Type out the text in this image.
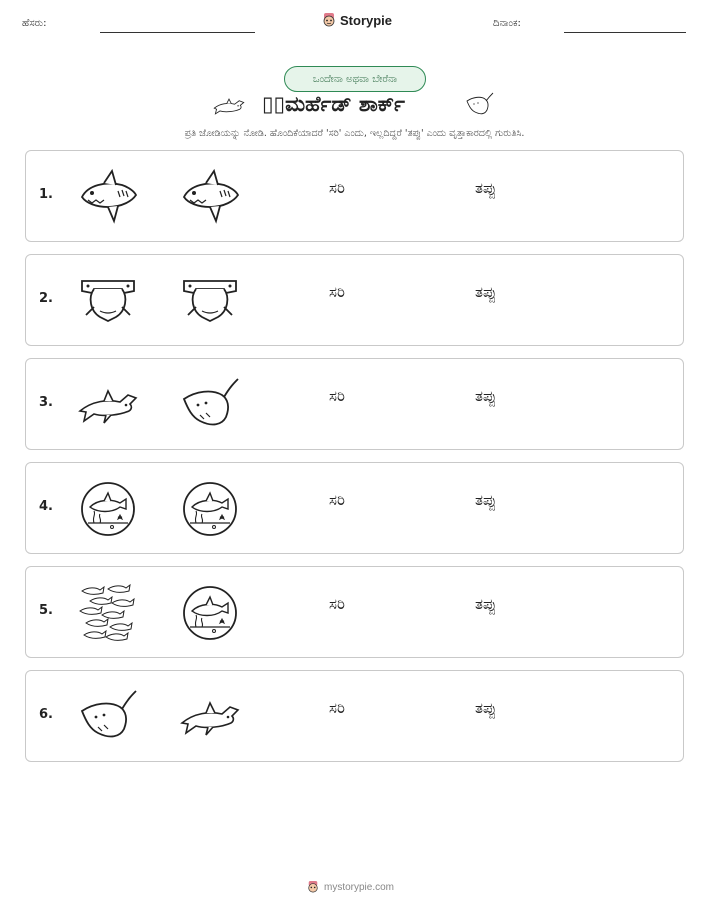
ಹೆಸರು:	Storypie	ದಿನಾಂಕ:
ಒಂದೇನಾ ಅಥವಾ ಬೇರೆನಾ
▯▯ಮರ್ಹೆಡ್ ಶಾರ್ಕ್
ಪ್ರತಿ ಜೋಡಿಯನ್ನು ನೋಡಿ. ಹೊಂದಿಕೆಯಾದರೆ 'ಸರಿ' ಎಂದು, ಇಲ್ಲದಿದ್ದರೆ 'ತಪ್ಪು' ಎಂದು ವೃತ್ತಾಕಾರದಲ್ಲಿ ಗುರುತಿಸಿ.
1.	ಸರಿ	ತಪ್ಪು
2.	ಸರಿ	ತಪ್ಪು
3.	ಸರಿ	ತಪ್ಪು
4.	ಸರಿ	ತಪ್ಪು
5.	ಸರಿ	ತಪ್ಪು
6.	ಸರಿ	ತಪ್ಪು
mystorypie.com
